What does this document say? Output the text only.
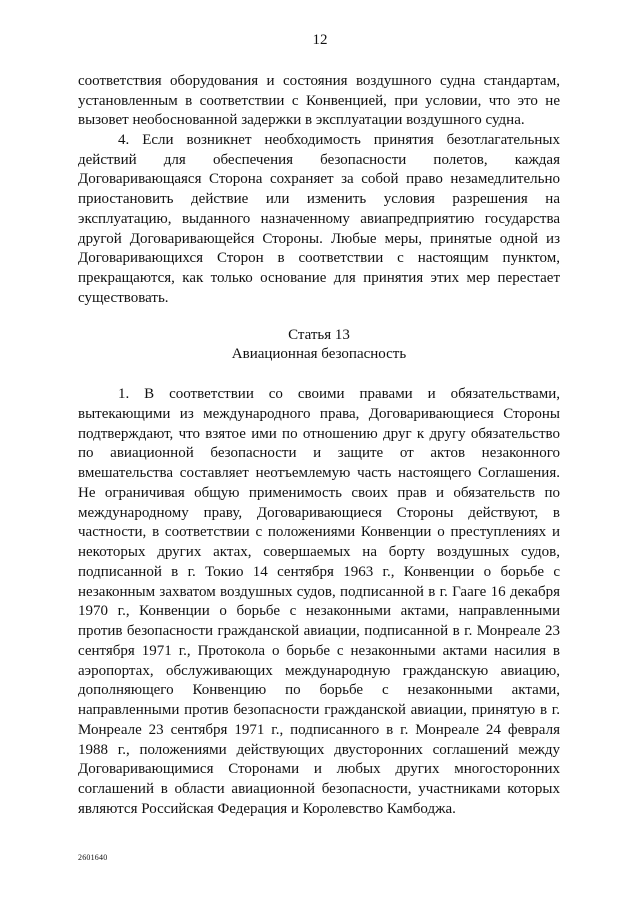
12
соответствия оборудования и состояния воздушного судна стандартам, установленным в соответствии с Конвенцией, при условии, что это не вызовет необоснованной задержки в эксплуатации воздушного судна.
4. Если возникнет необходимость принятия безотлагательных действий для обеспечения безопасности полетов, каждая Договаривающаяся Сторона сохраняет за собой право незамедлительно приостановить действие или изменить условия разрешения на эксплуатацию, выданного назначенному авиапредприятию государства другой Договаривающейся Стороны. Любые меры, принятые одной из Договаривающихся Сторон в соответствии с настоящим пунктом, прекращаются, как только основание для принятия этих мер перестает существовать.
Статья 13
Авиационная безопасность
1. В соответствии со своими правами и обязательствами, вытекающими из международного права, Договаривающиеся Стороны подтверждают, что взятое ими по отношению друг к другу обязательство по авиационной безопасности и защите от актов незаконного вмешательства составляет неотъемлемую часть настоящего Соглашения. Не ограничивая общую применимость своих прав и обязательств по международному праву, Договаривающиеся Стороны действуют, в частности, в соответствии с положениями Конвенции о преступлениях и некоторых других актах, совершаемых на борту воздушных судов, подписанной в г. Токио 14 сентября 1963 г., Конвенции о борьбе с незаконным захватом воздушных судов, подписанной в г. Гааге 16 декабря 1970 г., Конвенции о борьбе с незаконными актами, направленными против безопасности гражданской авиации, подписанной в г. Монреале 23 сентября 1971 г., Протокола о борьбе с незаконными актами насилия в аэропортах, обслуживающих международную гражданскую авиацию, дополняющего Конвенцию по борьбе с незаконными актами, направленными против безопасности гражданской авиации, принятую в г. Монреале 23 сентября 1971 г., подписанного в г. Монреале 24 февраля 1988 г., положениями действующих двусторонних соглашений между Договаривающимися Сторонами и любых других многосторонних соглашений в области авиационной безопасности, участниками которых являются Российская Федерация и Королевство Камбоджа.
2601640
